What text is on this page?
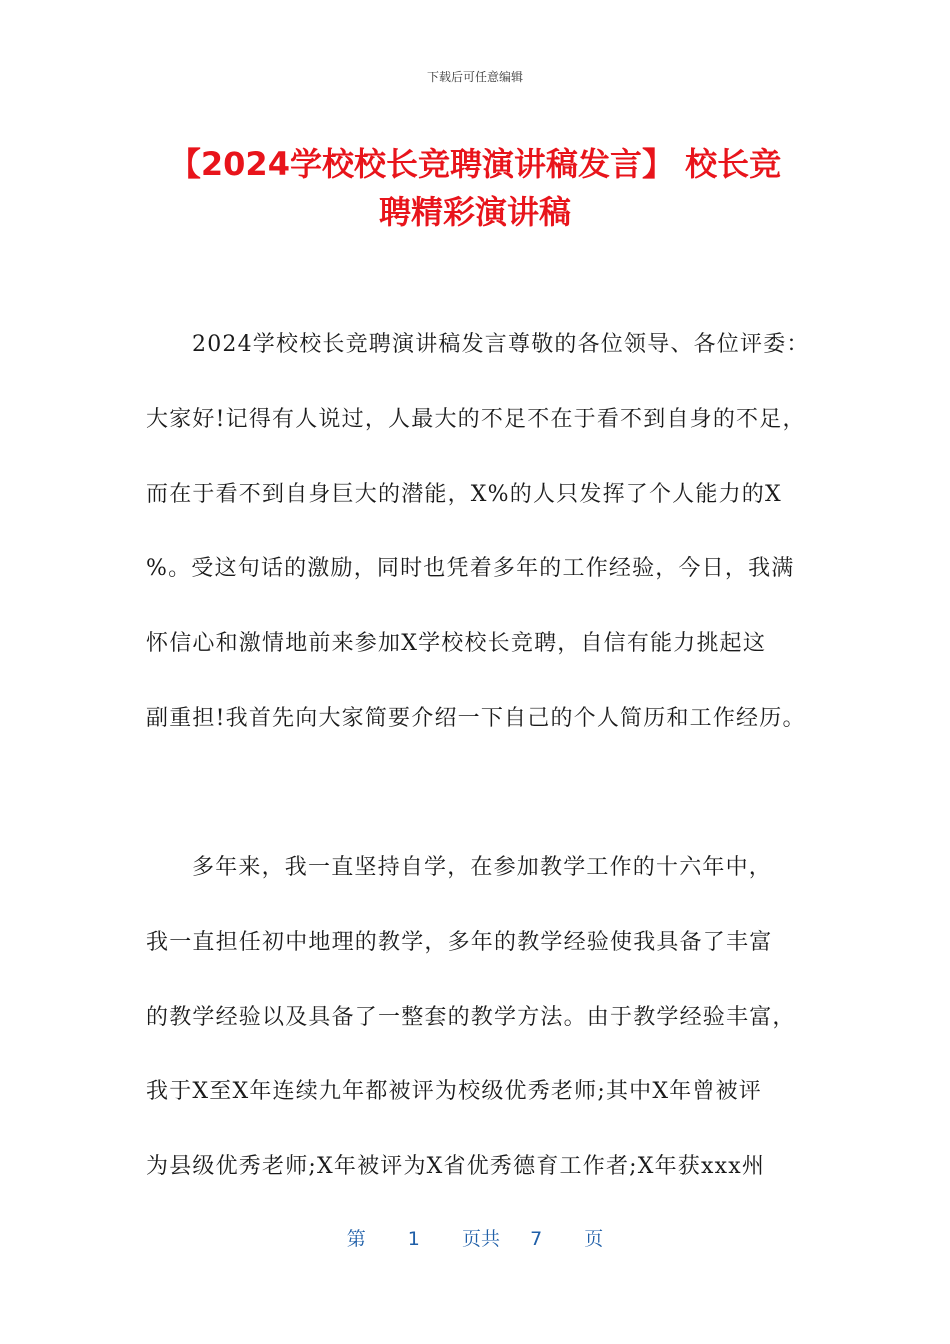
下载后可任意编辑
【2024学校校长竞聘演讲稿发言】 校长竞
聘精彩演讲稿
2024学校校长竞聘演讲稿发言尊敬的各位领导、各位评委：
大家好!记得有人说过，人最大的不足不在于看不到自身的不足，
而在于看不到自身巨大的潜能，X%的人只发挥了个人能力的X
%。受这句话的激励，同时也凭着多年的工作经验，今日，我满
怀信心和激情地前来参加X学校校长竞聘，自信有能力挑起这
副重担!我首先向大家简要介绍一下自己的个人简历和工作经历。
多年来，我一直坚持自学，在参加教学工作的十六年中，
我一直担任初中地理的教学，多年的教学经验使我具备了丰富
的教学经验以及具备了一整套的教学方法。由于教学经验丰富，
我于X至X年连续九年都被评为校级优秀老师;其中X年曾被评
为县级优秀老师;X年被评为X省优秀德育工作者;X年获xxx州
第 1 页共 7 页
